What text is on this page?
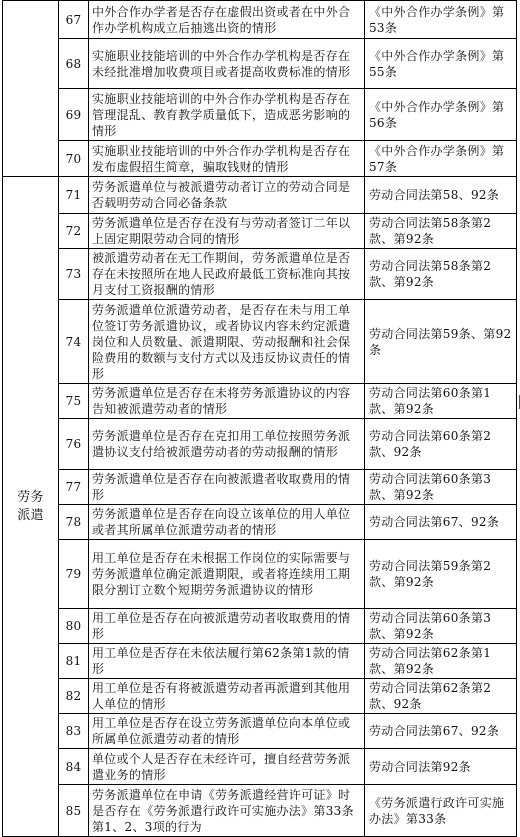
	67	中外合作办学者是否存在虚假出资或者在中外合作办学机构成立后抽逃出资的情形	《中外合作办学条例》第53条
	68	实施职业技能培训的中外合作办学机构是否存在未经批准增加收费项目或者提高收费标准的情形	《中外合作办学条例》第55条
	69	实施职业技能培训的中外合作办学机构是否存在管理混乱、教育教学质量低下，造成恶劣影响的情形	《中外合作办学条例》第56条
	70	实施职业技能培训的中外合作办学机构是否存在发布虚假招生简章，骗取钱财的情形	《中外合作办学条例》第57条
劳务
派遣	71	劳务派遣单位与被派遣劳动者订立的劳动合同是否载明劳动合同必备条款	劳动合同法第58、92条
	72	劳务派遣单位是否存在没有与劳动者签订二年以上固定期限劳动合同的情形	劳动合同法第58条第2款、第92条
	73	被派遣劳动者在无工作期间，劳务派遣单位是否存在未按照所在地人民政府最低工资标准向其按月支付工资报酬的情形	劳动合同法第58条第2款、第92条
	74	劳务派遣单位派遣劳动者，是否存在未与用工单位签订劳务派遣协议，或者协议内容未约定派遣岗位和人员数量、派遣期限、劳动报酬和社会保险费用的数额与支付方式以及违反协议责任的情形	劳动合同法第59条、第92条
	75	劳务派遣单位是否存在未将劳务派遣协议的内容告知被派遣劳动者的情形	劳动合同法第60条第1款、第92条
	76	劳务派遣单位是否存在克扣用工单位按照劳务派遣协议支付给被派遣劳动者的劳动报酬的情形	劳动合同法第60条第2款、92条
	77	劳务派遣单位是否存在向被派遣者收取费用的情形	劳动合同法第60条第3款、第92条
	78	劳务派遣单位是否存在向设立该单位的用人单位或者其所属单位派遣劳动者的情形	劳动合同法第67、92条
	79	用工单位是否存在未根据工作岗位的实际需要与劳务派遣单位确定派遣期限，或者将连续用工期限分割订立数个短期劳务派遣协议的情形	劳动合同法第59条第2款、第92条
	80	用工单位是否存在向被派遣劳动者收取费用的情形	劳动合同法第60条第3款、第92条
	81	用工单位是否存在未依法履行第62条第1款的情形	劳动合同法第62条第1款、第92条
	82	用工单位是否有将被派遣劳动者再派遣到其他用人单位的情形	劳动合同法第62条第2款、92条
	83	用工单位是否存在设立劳务派遣单位向本单位或所属单位派遣劳动者的情形	劳动合同法第67、92条
	84	单位或个人是否存在未经许可，擅自经营劳务派遣业务的情形	劳动合同法第92条
	85	劳务派遣单位在申请《劳务派遣经营许可证》时是否存在《劳务派遣行政许可实施办法》第33条第1、2、3项的行为	《劳务派遣行政许可实施办法》第33条
